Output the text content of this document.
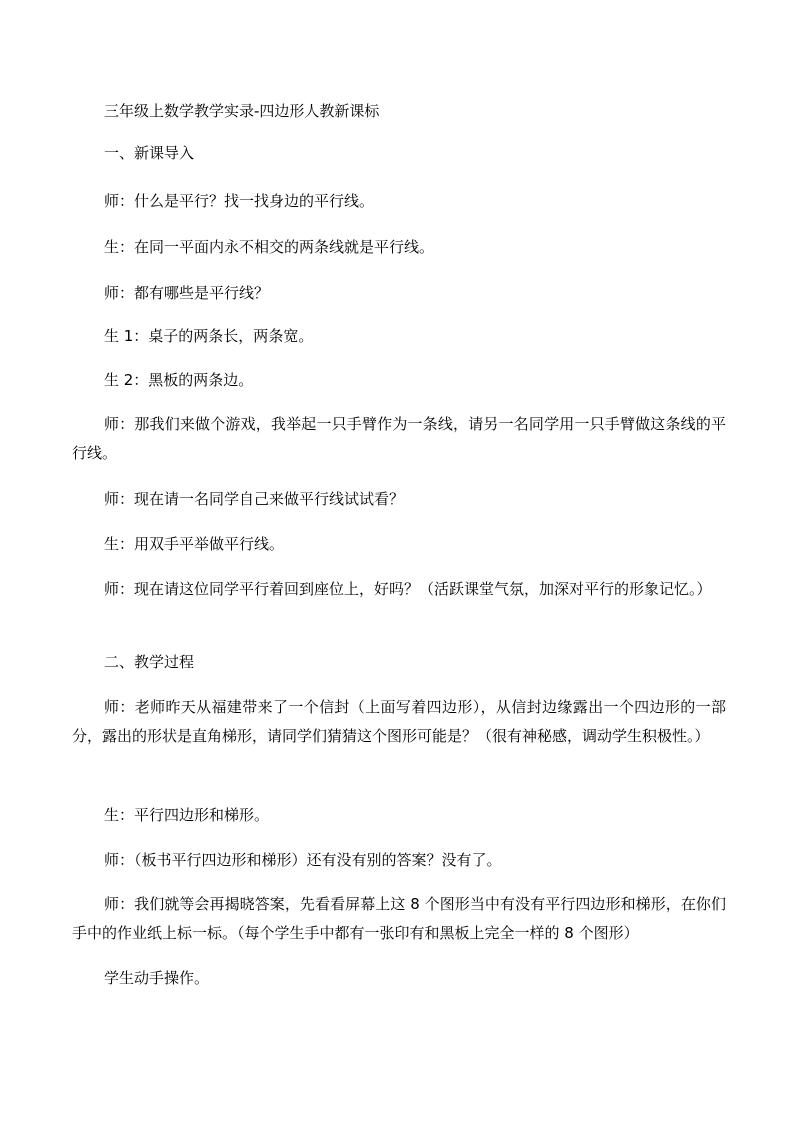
三年级上数学教学实录-四边形人教新课标

一、新课导入

师：什么是平行？找一找身边的平行线。

生：在同一平面内永不相交的两条线就是平行线。

师：都有哪些是平行线？

生 1：桌子的两条长，两条宽。

生 2：黑板的两条边。

师：那我们来做个游戏，我举起一只手臂作为一条线，请另一名同学用一只手臂做这条线的平行线。

师：现在请一名同学自己来做平行线试试看？

生：用双手平举做平行线。

师：现在请这位同学平行着回到座位上，好吗？（活跃课堂气氛，加深对平行的形象记忆。）

二、教学过程

师：老师昨天从福建带来了一个信封（上面写着四边形），从信封边缘露出一个四边形的一部分，露出的形状是直角梯形，请同学们猜猜这个图形可能是？（很有神秘感，调动学生积极性。）

生：平行四边形和梯形。

师：（板书平行四边形和梯形）还有没有别的答案？没有了。

师：我们就等会再揭晓答案，先看看屏幕上这 8 个图形当中有没有平行四边形和梯形，在你们手中的作业纸上标一标。（每个学生手中都有一张印有和黑板上完全一样的 8 个图形）

学生动手操作。
